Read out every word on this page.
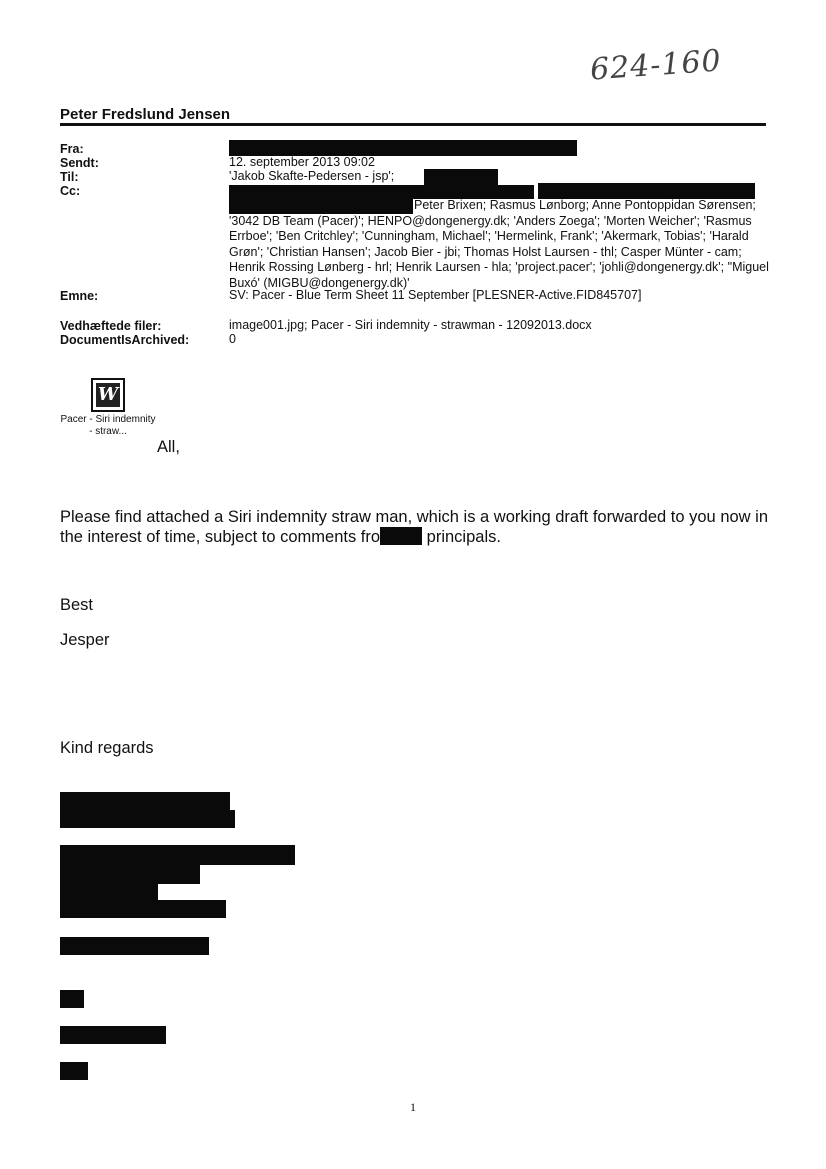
624-160
Peter Fredslund Jensen
Fra:
Sendt:
Til:
Cc:
Emne:
Vedhæftede filer:
DocumentIsArchived:
12. september 2013 09:02
'Jakob Skafte-Pedersen - jsp';
Peter Brixen; Rasmus Lønborg; Anne Pontoppidan Sørensen; '3042 DB Team (Pacer)'; HENPO@dongenergy.dk; 'Anders Zoega'; 'Morten Weicher'; 'Rasmus Errboe'; 'Ben Critchley'; 'Cunningham, Michael'; 'Hermelink, Frank'; 'Akermark, Tobias'; 'Harald Grøn'; 'Christian Hansen'; Jacob Bier - jbi; Thomas Holst Laursen - thl; Casper Münter - cam; Henrik Rossing Lønberg - hrl; Henrik Laursen - hla; 'project.pacer'; 'johli@dongenergy.dk'; "Miguel Buxó' (MIGBU@dongenergy.dk)'
SV: Pacer - Blue Term Sheet 11 September [PLESNER-Active.FID845707]
image001.jpg; Pacer - Siri indemnity - strawman - 12092013.docx
0
W
Pacer - Siri indemnity - straw...
All,
Please find attached a Siri indemnity straw man, which is a working draft forwarded to you now in the interest of time, subject to comments fro	principals.
Best
Jesper
Kind regards
1
